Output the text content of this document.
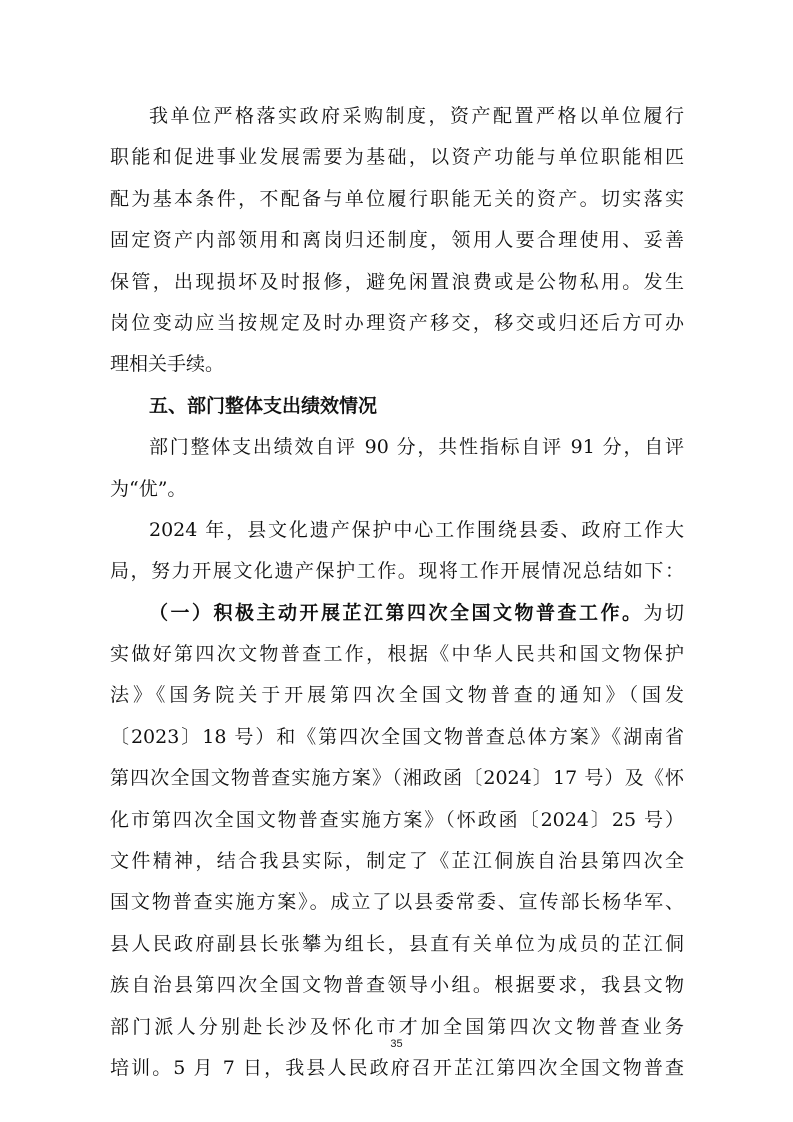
我单位严格落实政府采购制度，资产配置严格以单位履行
职能和促进事业发展需要为基础，以资产功能与单位职能相匹
配为基本条件，不配备与单位履行职能无关的资产。切实落实
固定资产内部领用和离岗归还制度，领用人要合理使用、妥善
保管，出现损坏及时报修，避免闲置浪费或是公物私用。发生
岗位变动应当按规定及时办理资产移交，移交或归还后方可办
理相关手续。
五、部门整体支出绩效情况
部门整体支出绩效自评 90 分，共性指标自评 91 分，自评
为“优”。
2024 年，县文化遗产保护中心工作围绕县委、政府工作大
局，努力开展文化遗产保护工作。现将工作开展情况总结如下：
（一）积极主动开展芷江第四次全国文物普查工作。为切
实做好第四次文物普查工作，根据《中华人民共和国文物保护
法》《国务院关于开展第四次全国文物普查的通知》（国发
〔2023〕18 号）和《第四次全国文物普查总体方案》《湖南省
第四次全国文物普查实施方案》（湘政函〔2024〕17 号）及《怀
化市第四次全国文物普查实施方案》（怀政函〔2024〕25 号）
文件精神，结合我县实际，制定了《芷江侗族自治县第四次全
国文物普查实施方案》。成立了以县委常委、宣传部长杨华军、
县人民政府副县长张攀为组长，县直有关单位为成员的芷江侗
族自治县第四次全国文物普查领导小组。根据要求，我县文物
部门派人分别赴长沙及怀化市才加全国第四次文物普查业务
培训。5 月 7 日，我县人民政府召开芷江第四次全国文物普查
35
